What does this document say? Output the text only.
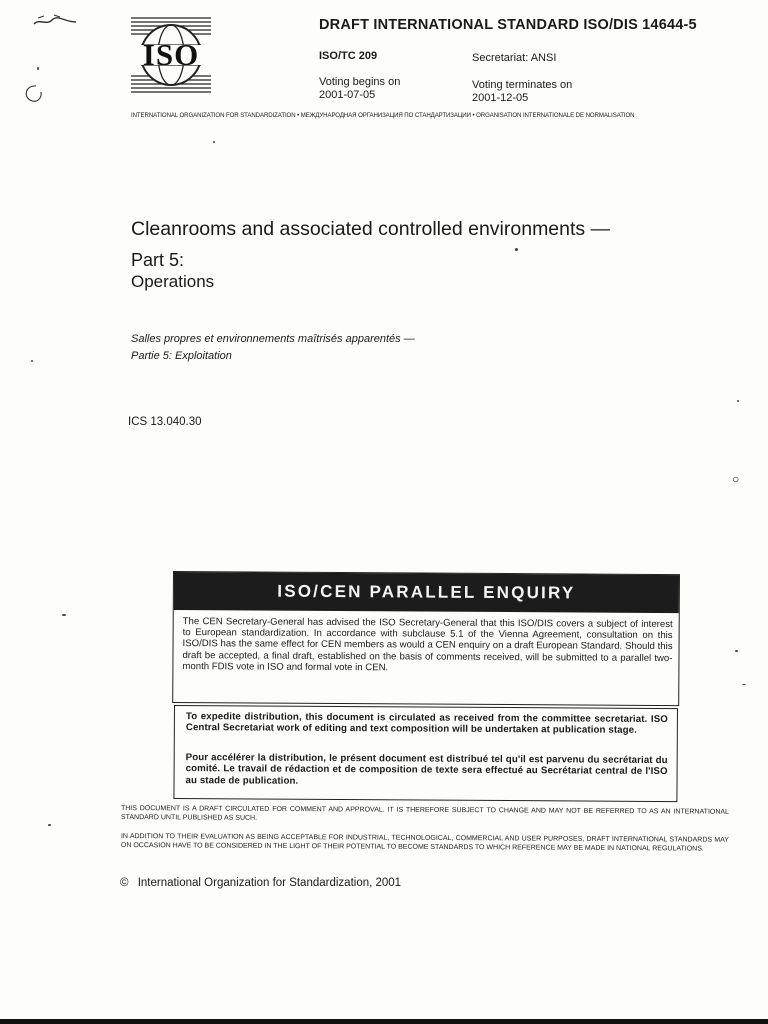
ISO
DRAFT INTERNATIONAL STANDARD ISO/DIS 14644-5
ISO/TC 209	Secretariat: ANSI
Voting begins on
2001-07-05
Voting terminates on
2001-12-05
INTERNATIONAL ORGANIZATION FOR STANDARDIZATION • МЕЖДУНАРОДНАЯ ОРГАНИЗАЦИЯ ПО СТАНДАРТИЗАЦИИ • ORGANISATION INTERNATIONALE DE NORMALISATION
Cleanrooms and associated controlled environments —
Part 5:
Operations
Salles propres et environnements maîtrisés apparentés —
Partie 5: Exploitation
ICS 13.040.30
ISO/CEN PARALLEL ENQUIRY
The CEN Secretary-General has advised the ISO Secretary-General that this ISO/DIS covers a subject of interest to European standardization. In accordance with subclause 5.1 of the Vienna Agreement, consultation on this ISO/DIS has the same effect for CEN members as would a CEN enquiry on a draft European Standard. Should this draft be accepted, a final draft, established on the basis of comments received, will be submitted to a parallel two-month FDIS vote in ISO and formal vote in CEN.
To expedite distribution, this document is circulated as received from the committee secretariat. ISO Central Secretariat work of editing and text composition will be undertaken at publication stage.
Pour accélérer la distribution, le présent document est distribué tel qu'il est parvenu du secrétariat du comité. Le travail de rédaction et de composition de texte sera effectué au Secrétariat central de l'ISO au stade de publication.
THIS DOCUMENT IS A DRAFT CIRCULATED FOR COMMENT AND APPROVAL. IT IS THEREFORE SUBJECT TO CHANGE AND MAY NOT BE REFERRED TO AS AN INTERNATIONAL STANDARD UNTIL PUBLISHED AS SUCH.
IN ADDITION TO THEIR EVALUATION AS BEING ACCEPTABLE FOR INDUSTRIAL, TECHNOLOGICAL, COMMERCIAL AND USER PURPOSES, DRAFT INTERNATIONAL STANDARDS MAY ON OCCASION HAVE TO BE CONSIDERED IN THE LIGHT OF THEIR POTENTIAL TO BECOME STANDARDS TO WHICH REFERENCE MAY BE MADE IN NATIONAL REGULATIONS.
© International Organization for Standardization, 2001
○
